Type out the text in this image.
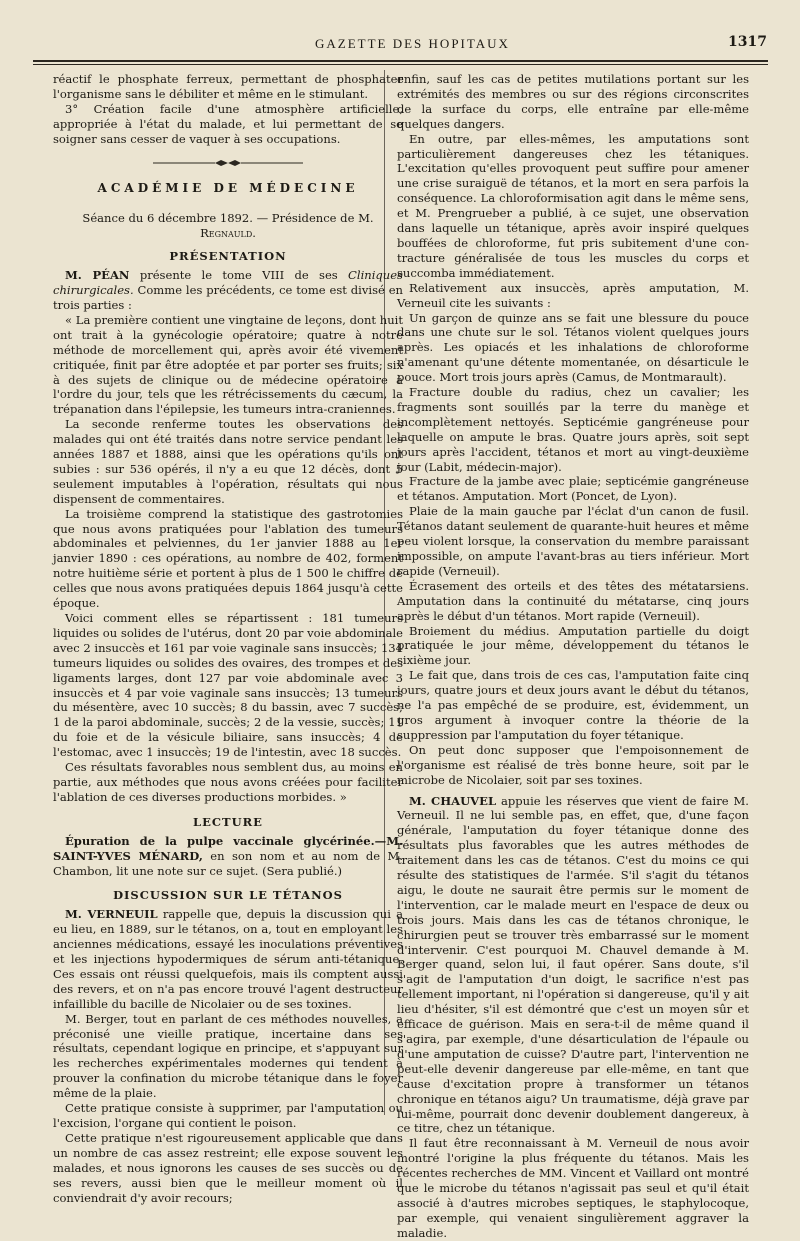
GAZETTE DES HOPITAUX	1317

réactif le phosphate ferreux, permettant de phosphater l'organisme sans le débiliter et même en le stimulant.

3° Création facile d'une atmosphère artificielle, appropriée à l'état du malade, et lui permettant de se soigner sans cesser de vaquer à ses occupations.

ACADÉMIE DE MÉDECINE
Séance du 6 décembre 1892. — Présidence de M. Regnauld.
PRÉSENTATION

M. PÉAN présente le tome VIII de ses Cliniques chirurgicales. Comme les précédents, ce tome est divisé en trois parties :

« La première contient une vingtaine de leçons, dont huit ont trait à la gynécologie opératoire; quatre à notre méthode de morcellement qui, après avoir été vivement critiquée, finit par être adoptée et par porter ses fruits; six à des sujets de clinique ou de médecine opératoire à l'ordre du jour, tels que les rétrécissements du cæcum, la trépanation dans l'épilepsie, les tumeurs intra-craniennes.

La seconde renferme toutes les observations des malades qui ont été traités dans notre service pendant les années 1887 et 1888, ainsi que les opérations qu'ils ont subies : sur 536 opérés, il n'y a eu que 12 décès, dont 5 seulement imputables à l'opération, résultats qui nous dispensent de commentaires.

La troisième comprend la statistique des gastrotomies que nous avons pratiquées pour l'ablation des tumeurs abdominales et pelviennes, du 1er janvier 1888 au 1er janvier 1890 : ces opérations, au nombre de 402, forment notre huitième série et portent à plus de 1 500 le chiffre de celles que nous avons pratiquées depuis 1864 jusqu'à cette époque.

Voici comment elles se répartissent : 181 tumeurs liquides ou solides de l'utérus, dont 20 par voie abdominale avec 2 insuccès et 161 par voie vaginale sans insuccès; 134 tumeurs liquides ou solides des ovaires, des trompes et des ligaments larges, dont 127 par voie abdominale avec 3 insuccès et 4 par voie vaginale sans insuccès; 13 tumeurs du mésentère, avec 10 succès; 8 du bassin, avec 7 succès; 1 de la paroi abdominale, succès; 2 de la vessie, succès; 11 du foie et de la vésicule biliaire, sans insuccès; 4 de l'estomac, avec 1 insuccès; 19 de l'intestin, avec 18 succès.

Ces résultats favorables nous semblent dus, au moins en partie, aux méthodes que nous avons créées pour faciliter l'ablation de ces diverses productions morbides. »

LECTURE

Épuration de la pulpe vaccinale glycérinée.—M. SAINT-YVES MÉNARD, en son nom et au nom de M. Chambon, lit une note sur ce sujet. (Sera publié.)

DISCUSSION SUR LE TÉTANOS

M. VERNEUIL rappelle que, depuis la discussion qui a eu lieu, en 1889, sur le tétanos, on a, tout en employant les anciennes médications, essayé les inoculations préventives et les injections hypodermiques de sérum anti-tétanique. Ces essais ont réussi quelquefois, mais ils comptent aussi des revers, et on n'a pas encore trouvé l'agent destructeur infaillible du bacille de Nicolaier ou de ses toxines.

M. Berger, tout en parlant de ces méthodes nouvelles, a préconisé une vieille pratique, incertaine dans ses résultats, cependant logique en principe, et s'appuyant sur les recherches expérimentales modernes qui tendent à prouver la confination du microbe tétanique dans le foyer même de la plaie.

Cette pratique consiste à supprimer, par l'amputation ou l'excision, l'organe qui contient le poison.

Cette pratique n'est rigoureusement applicable que dans un nombre de cas assez restreint; elle expose souvent les malades, et nous ignorons les causes de ses succès ou de ses revers, aussi bien que le meilleur moment où il conviendrait d'y avoir recours;

enfin, sauf les cas de petites mutilations portant sur les extrémités des membres ou sur des régions circonscrites de la surface du corps, elle entraîne par elle-même quelques dangers.

En outre, par elles-mêmes, les amputations sont particulièrement dangereuses chez les tétaniques. L'excitation qu'elles provoquent peut suffire pour amener une crise suraiguë de tétanos, et la mort en sera parfois la conséquence. La chloroformisation agit dans le même sens, et M. Prengrueber a publié, à ce sujet, une observation dans laquelle un tétanique, après avoir inspiré quelques bouffées de chloroforme, fut pris subitement d'une contracture généralisée de tous les muscles du corps et succomba immédiatement.

Relativement aux insuccès, après amputation, M. Verneuil cite les suivants :

Un garçon de quinze ans se fait une blessure du pouce dans une chute sur le sol. Tétanos violent quelques jours après. Les opiacés et les inhalations de chloroforme n'amenant qu'une détente momentanée, on désarticule le pouce. Mort trois jours après (Camus, de Montmarault).

Fracture double du radius, chez un cavalier; les fragments sont souillés par la terre du manège et incomplètement nettoyés. Septicémie gangréneuse pour laquelle on ampute le bras. Quatre jours après, soit sept jours après l'accident, tétanos et mort au vingt-deuxième jour (Labit, médecin-major).

Fracture de la jambe avec plaie; septicémie gangréneuse et tétanos. Amputation. Mort (Poncet, de Lyon).

Plaie de la main gauche par l'éclat d'un canon de fusil. Tétanos datant seulement de quarante-huit heures et même peu violent lorsque, la conservation du membre paraissant impossible, on ampute l'avant-bras au tiers inférieur. Mort rapide (Verneuil).

Écrasement des orteils et des têtes des métatarsiens. Amputation dans la continuité du métatarse, cinq jours après le début d'un tétanos. Mort rapide (Verneuil).

Broiement du médius. Amputation partielle du doigt pratiquée le jour même, développement du tétanos le sixième jour.

Le fait que, dans trois de ces cas, l'amputation faite cinq jours, quatre jours et deux jours avant le début du tétanos, ne l'a pas empêché de se produire, est, évidemment, un gros argument à invoquer contre la théorie de la suppression par l'amputation du foyer tétanique.

On peut donc supposer que l'empoisonnement de l'organisme est réalisé de très bonne heure, soit par le microbe de Nicolaier, soit par ses toxines.

M. CHAUVEL appuie les réserves que vient de faire M. Verneuil. Il ne lui semble pas, en effet, que, d'une façon générale, l'amputation du foyer tétanique donne des résultats plus favorables que les autres méthodes de traitement dans les cas de tétanos. C'est du moins ce qui résulte des statistiques de l'armée. S'il s'agit du tétanos aigu, le doute ne saurait être permis sur le moment de l'intervention, car le malade meurt en l'espace de deux ou trois jours. Mais dans les cas de tétanos chronique, le chirurgien peut se trouver très embarrassé sur le moment d'intervenir. C'est pourquoi M. Chauvel demande à M. Berger quand, selon lui, il faut opérer. Sans doute, s'il s'agit de l'amputation d'un doigt, le sacrifice n'est pas tellement important, ni l'opération si dangereuse, qu'il y ait lieu d'hésiter, s'il est démontré que c'est un moyen sûr et efficace de guérison. Mais en sera-t-il de même quand il s'agira, par exemple, d'une désarticulation de l'épaule ou d'une amputation de cuisse? D'autre part, l'intervention ne peut-elle devenir dangereuse par elle-même, en tant que cause d'excitation propre à transformer un tétanos chronique en tétanos aigu? Un traumatisme, déjà grave par lui-même, pourrait donc devenir doublement dangereux, à ce titre, chez un tétanique.

Il faut être reconnaissant à M. Verneuil de nous avoir montré l'origine la plus fréquente du tétanos. Mais les récentes recherches de MM. Vincent et Vaillard ont montré que le microbe du tétanos n'agissait pas seul et qu'il était associé à d'autres microbes septiques, le staphylocoque, par exemple, qui venaient singulièrement aggraver la maladie.
